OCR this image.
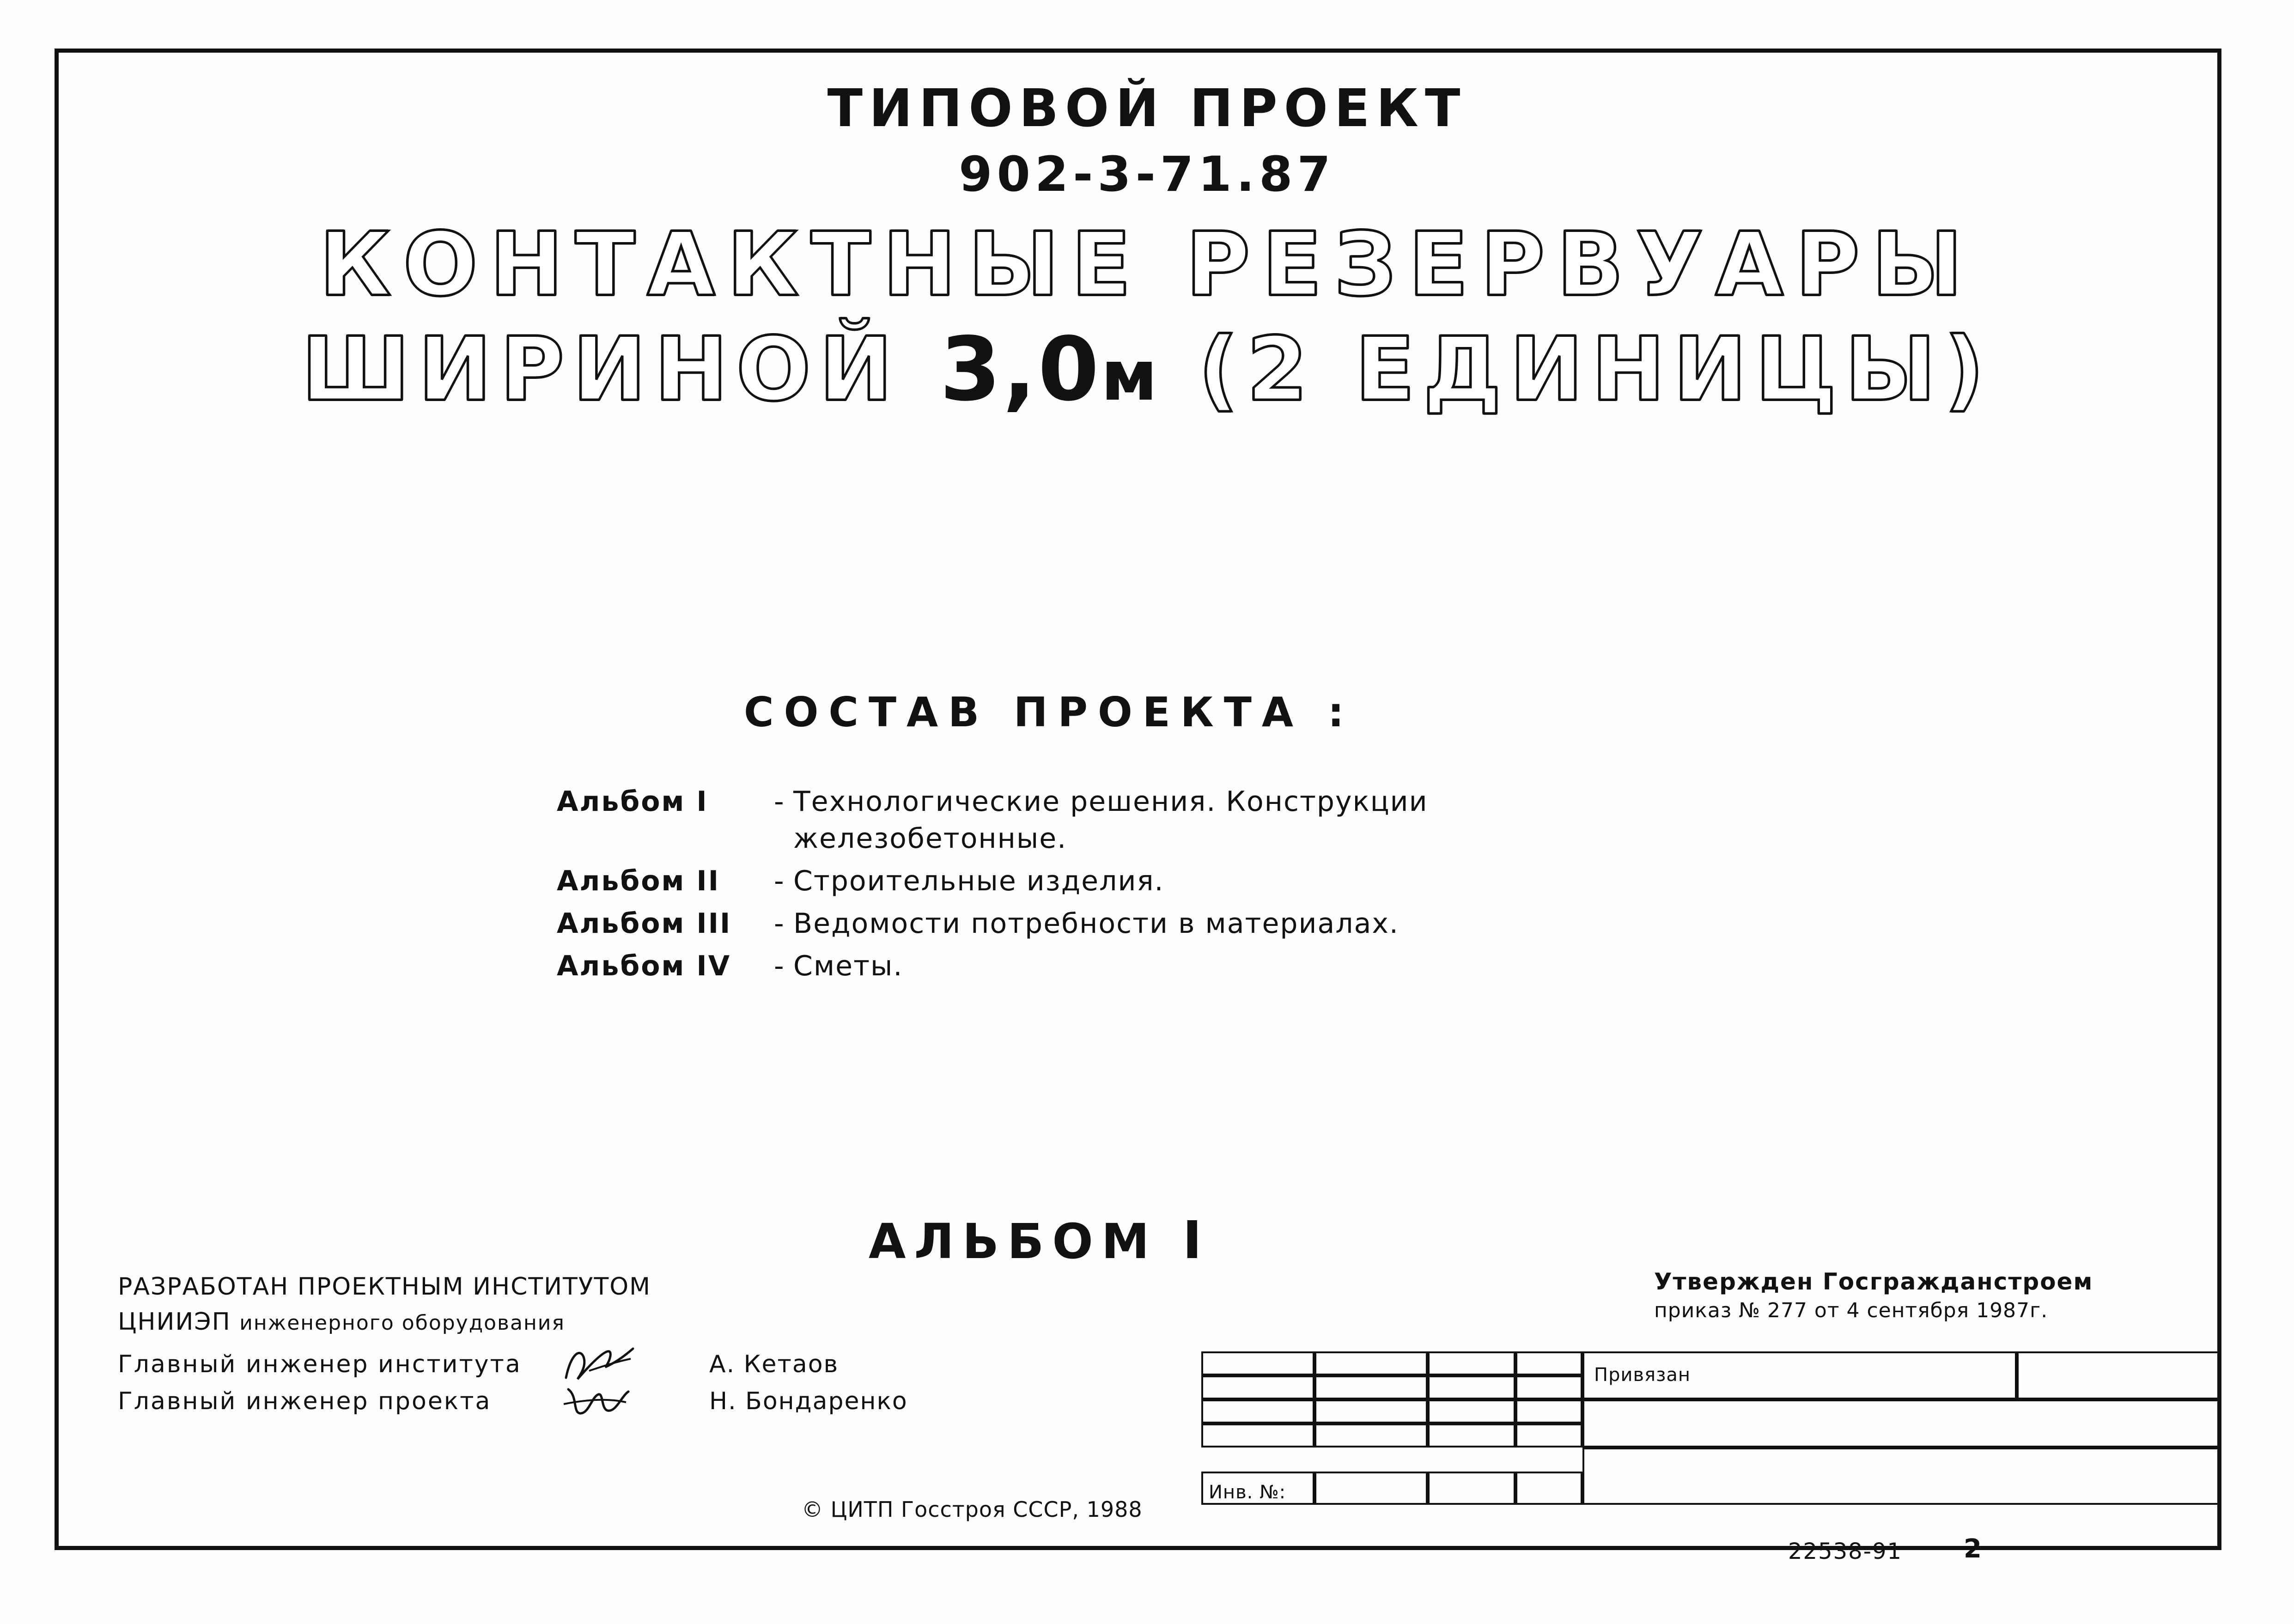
ТИПОВОЙ ПРОЕКТ
902-3-71.87
КОНТАКТНЫЕ РЕЗЕРВУАРЫ
ШИРИНОЙ 3,0м (2 ЕДИНИЦЫ)
СОСТАВ ПРОЕКТА :
Альбом I	- Технологические решения. Конструкции
железобетонные.
Альбом II	- Строительные изделия.
Альбом III	- Ведомости потребности в материалах.
Альбом IV	- Сметы.
АЛЬБОМ I
РАЗРАБОТАН ПРОЕКТНЫМ ИНСТИТУТОМ
ЦНИИЭП инженерного оборудования
Главный инженер института	А. Кетаов
Главный инженер проекта	Н. Бондаренко
© ЦИТП Госстроя СССР, 1988
Утвержден Госгражданстроем
приказ № 277 от 4 сентября 1987г.
Привязан
Инв. №:
22538-91 2
